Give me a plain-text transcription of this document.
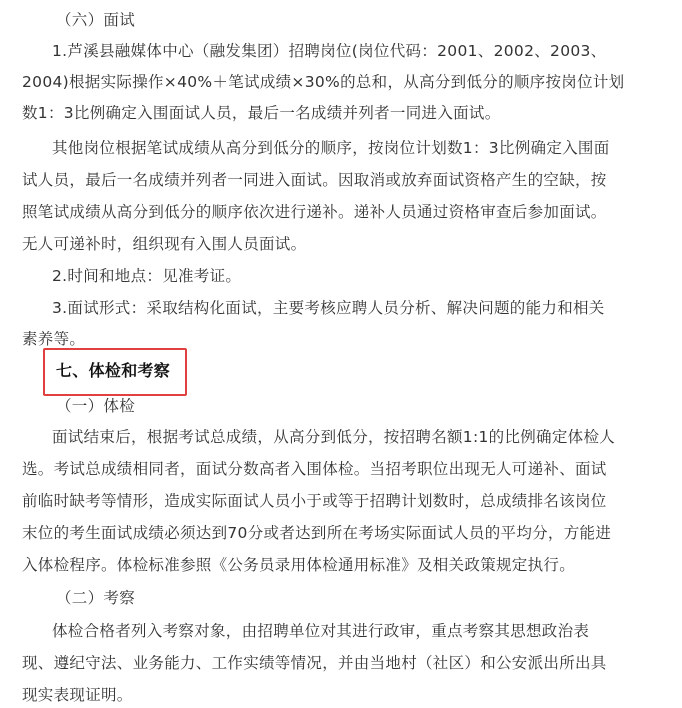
（六）面试
1.芦溪县融媒体中心（融发集团）招聘岗位(岗位代码：2001、2002、2003、
2004)根据实际操作×40%＋笔试成绩×30%的总和，从高分到低分的顺序按岗位计划
数1：3比例确定入围面试人员，最后一名成绩并列者一同进入面试。
其他岗位根据笔试成绩从高分到低分的顺序，按岗位计划数1：3比例确定入围面
试人员，最后一名成绩并列者一同进入面试。因取消或放弃面试资格产生的空缺，按
照笔试成绩从高分到低分的顺序依次进行递补。递补人员通过资格审查后参加面试。
无人可递补时，组织现有入围人员面试。
2.时间和地点：见准考证。
3.面试形式：采取结构化面试，主要考核应聘人员分析、解决问题的能力和相关
素养等。
七、体检和考察
（一）体检
面试结束后，根据考试总成绩，从高分到低分，按招聘名额1:1的比例确定体检人
选。考试总成绩相同者，面试分数高者入围体检。当招考职位出现无人可递补、面试
前临时缺考等情形，造成实际面试人员小于或等于招聘计划数时，总成绩排名该岗位
末位的考生面试成绩必须达到70分或者达到所在考场实际面试人员的平均分，方能进
入体检程序。体检标准参照《公务员录用体检通用标准》及相关政策规定执行。
（二）考察
体检合格者列入考察对象，由招聘单位对其进行政审，重点考察其思想政治表
现、遵纪守法、业务能力、工作实绩等情况，并由当地村（社区）和公安派出所出具
现实表现证明。
